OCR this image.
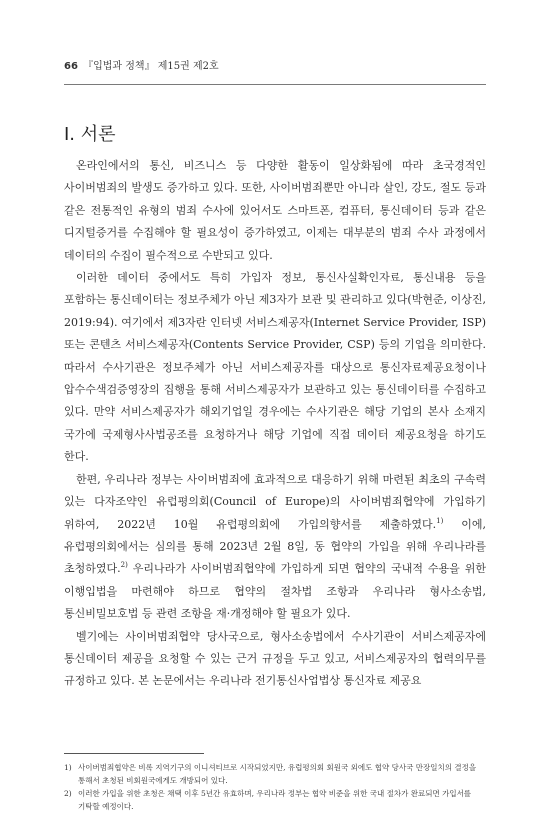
66 『입법과 정책』 제15권 제2호
Ⅰ. 서론

온라인에서의 통신, 비즈니스 등 다양한 활동이 일상화됨에 따라 초국경적인 사이버범죄의 발생도 증가하고 있다. 또한, 사이버범죄뿐만 아니라 살인, 강도, 절도 등과 같은 전통적인 유형의 범죄 수사에 있어서도 스마트폰, 컴퓨터, 통신데이터 등과 같은 디지털증거를 수집해야 할 필요성이 증가하였고, 이제는 대부분의 범죄 수사 과정에서 데이터의 수집이 필수적으로 수반되고 있다.

이러한 데이터 중에서도 특히 가입자 정보, 통신사실확인자료, 통신내용 등을 포함하는 통신데이터는 정보주체가 아닌 제3자가 보관 및 관리하고 있다(박현준, 이상진, 2019:94). 여기에서 제3자란 인터넷 서비스제공자(Internet Service Provider, ISP) 또는 콘텐츠 서비스제공자(Contents Service Provider, CSP) 등의 기업을 의미한다. 따라서 수사기관은 정보주체가 아닌 서비스제공자를 대상으로 통신자료제공요청이나 압수수색검증영장의 집행을 통해 서비스제공자가 보관하고 있는 통신데이터를 수집하고 있다. 만약 서비스제공자가 해외기업일 경우에는 수사기관은 해당 기업의 본사 소재지 국가에 국제형사사법공조를 요청하거나 해당 기업에 직접 데이터 제공요청을 하기도 한다.

한편, 우리나라 정부는 사이버범죄에 효과적으로 대응하기 위해 마련된 최초의 구속력 있는 다자조약인 유럽평의회(Council of Europe)의 사이버범죄협약에 가입하기 위하여, 2022년 10월 유럽평의회에 가입의향서를 제출하였다.$^{1)}$ 이에, 유럽평의회에서는 심의를 통해 2023년 2월 8일, 동 협약의 가입을 위해 우리나라를 초청하였다.$^{2)}$ 우리나라가 사이버범죄협약에 가입하게 되면 협약의 국내적 수용을 위한 이행입법을 마련해야 하므로 협약의 절차법 조항과 우리나라 형사소송법, 통신비밀보호법 등 관련 조항을 재·개정해야 할 필요가 있다.

벨기에는 사이버범죄협약 당사국으로, 형사소송법에서 수사기관이 서비스제공자에 통신데이터 제공을 요청할 수 있는 근거 규정을 두고 있고, 서비스제공자의 협력의무를 규정하고 있다. 본 논문에서는 우리나라 전기통신사업법상 통신자료 제공요

1) 사이버범죄협약은 비록 지역기구의 이니셔티브로 시작되었지만, 유럽평의회 회원국 외에도 협약 당사국 만장일치의 결정을 통해서 초청된 비회원국에게도 개방되어 있다.
2) 이러한 가입을 위한 초청은 채택 이후 5년간 유효하며, 우리나라 정부는 협약 비준을 위한 국내 절차가 완료되면 가입서를 기탁할 예정이다.
